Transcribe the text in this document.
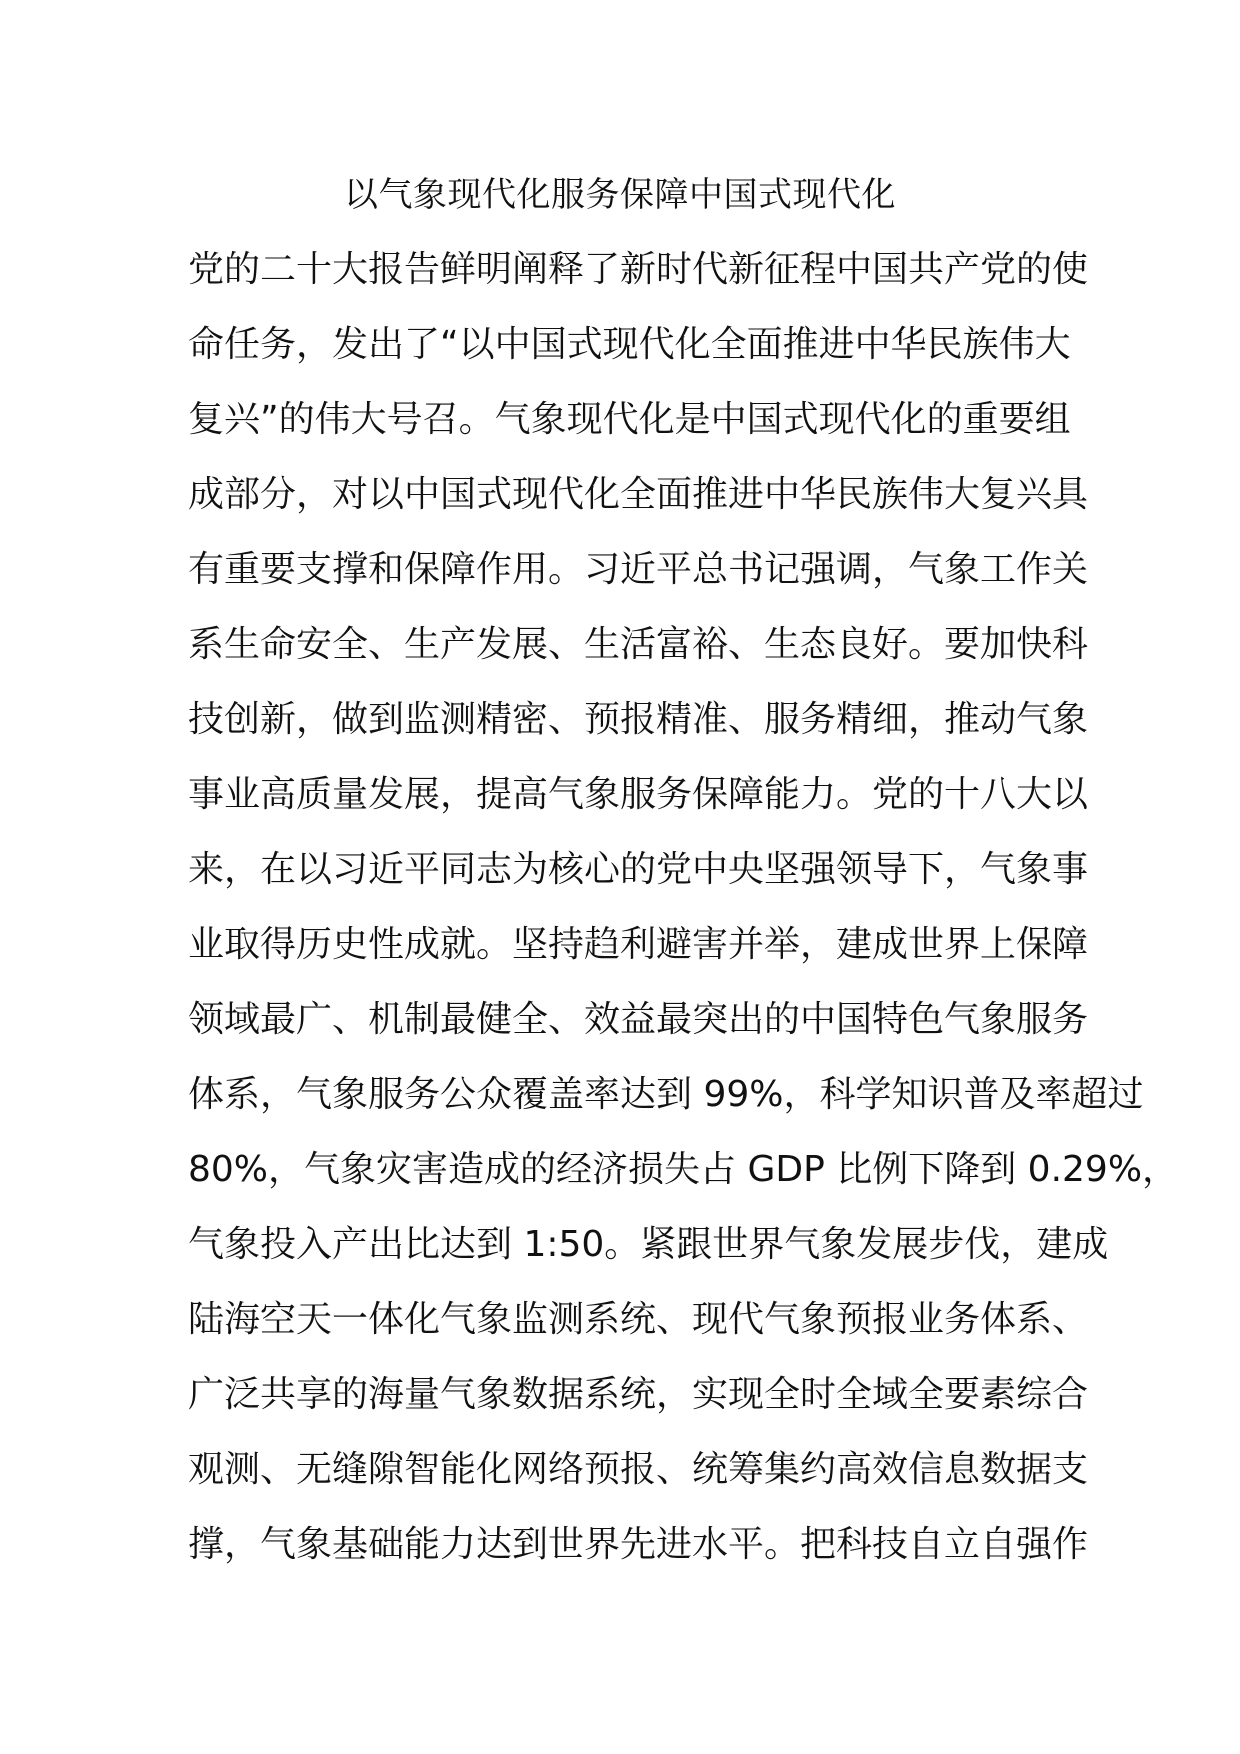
以气象现代化服务保障中国式现代化
党的二十大报告鲜明阐释了新时代新征程中国共产党的使
命任务，发出了“以中国式现代化全面推进中华民族伟大
复兴”的伟大号召。气象现代化是中国式现代化的重要组
成部分，对以中国式现代化全面推进中华民族伟大复兴具
有重要支撑和保障作用。习近平总书记强调，气象工作关
系生命安全、生产发展、生活富裕、生态良好。要加快科
技创新，做到监测精密、预报精准、服务精细，推动气象
事业高质量发展，提高气象服务保障能力。党的十八大以
来，在以习近平同志为核心的党中央坚强领导下，气象事
业取得历史性成就。坚持趋利避害并举，建成世界上保障
领域最广、机制最健全、效益最突出的中国特色气象服务
体系，气象服务公众覆盖率达到 99%，科学知识普及率超过
80%，气象灾害造成的经济损失占 GDP 比例下降到 0.29%，
气象投入产出比达到 1:50。紧跟世界气象发展步伐，建成
陆海空天一体化气象监测系统、现代气象预报业务体系、
广泛共享的海量气象数据系统，实现全时全域全要素综合
观测、无缝隙智能化网络预报、统筹集约高效信息数据支
撑，气象基础能力达到世界先进水平。把科技自立自强作
